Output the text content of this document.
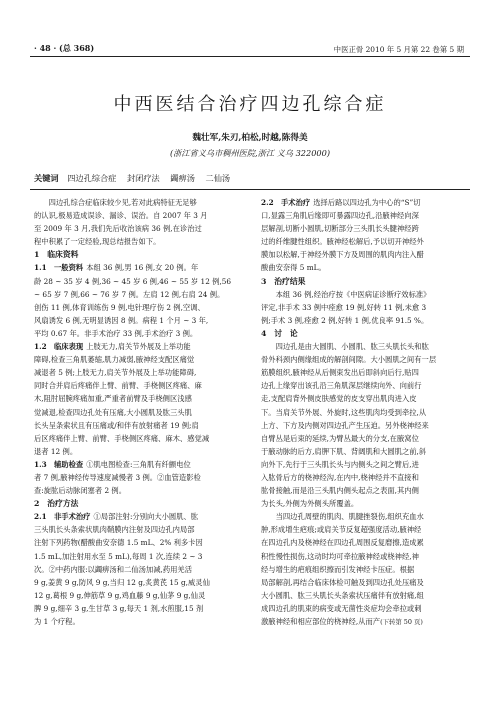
· 48 · (总 368)	中医正骨 2010 年 5 月第 22 卷第 5 期
中西医结合治疗四边孔综合症
魏壮军,朱刃,柏松,时越,陈得美
(浙江省义乌市稠州医院,浙江 义乌 322000)
关键词 四边孔综合症 封闭疗法 蠲痹汤 二仙汤

　　四边孔综合症临床较少见,若对此病特征无足够

的认识,极易造成误诊、漏诊、误治。自 2007 年 3 月

至 2009 年 3 月,我们先后收治该病 36 例,在诊治过

程中积累了一定经验,现总结报告如下。

1　临床资料

1.1　一般资料 本组 36 例,男 16 例,女 20 例。年

龄 28 ~ 35 岁 4 例,36 ~ 45 岁 6 例,46 ~ 55 岁 12 例,56

~ 65 岁 7 例,66 ~ 76 岁 7 例。左肩 12 例,右肩 24 例。

创伤 11 例,体育训练伤 9 例,电针理疗伤 2 例,空调、

风扇诱发 6 例,无明显诱因 8 例。病程 1 个月 ~ 3 年,

平均 0.67 年。非手术治疗 33 例,手术治疗 3 例。

1.2　临床表现 上肢无力,肩关节外展及上举功能

障碍,检查三角肌萎缩,肌力减弱,腋神经支配区痛觉

减退者 5 例;上肢无力,肩关节外展及上举功能障碍,

同时合并肩后疼痛伴上臂、前臂、手桡侧区疼痛、麻

木,阻肘屈腕疼痛加重,严重者前臂及手桡侧区浅感

觉减退,检查四边孔处有压痛,大小圆肌及肱三头肌

长头呈条索状且有压痛或/和伴有放射痛者 19 例;肩

后区疼痛伴上臂、前臂、手桡侧区疼痛、麻木、感觉减

退者 12 例。

1.3　辅助检查 ①肌电图检查:三角肌有纤颤电位

者 7 例,腋神经传导速度减慢者 3 例。②血管造影检

查:旋肱后动脉闭塞者 2 例。

2　治疗方法

2.1　非手术治疗 ①局部注射:分别向大小圆肌、肱

三头肌长头条索状肌肉鞘膜内注射及四边孔内局部

注射下列药物(醋酸曲安奈德 1.5 mL、2% 利多卡因

1.5 mL,加注射用水至 5 mL),每周 1 次,连续 2 ~ 3

次。②中药内服:以蠲痹汤和二仙汤加减,药用羌活

9 g,姜黄 9 g,防风 9 g,当归 12 g,炙黄芪 15 g,威灵仙

12 g,葛根 9 g,伸筋草 9 g,鸡血藤 9 g,仙茅 9 g,仙灵

脾 9 g,细辛 3 g,生甘草 3 g,每天 1 剂,水煎服,15 剂

为 1 个疗程。

2.2　手术治疗 选择后路以四边孔为中心的“S”切

口,显露三角肌后缘即可暴露四边孔,沿腋神经向深

层解剖,切断小圆肌,切断部分三头肌长头腱神经跨

过的纤维腱性组织。腋神经松解后,予以切开神经外

膜加以松解,于神经外膜下方及周围的肌肉内注入醋

酸曲安奈得 5 mL。

3　治疗结果

　　本组 36 例,经治疗按《中医病证诊断疗效标准》

评定,非手术 33 例中痊愈 19 例,好转 11 例,未愈 3

例;手术 3 例,痊愈 2 例,好转 1 例,优良率 91.5 %。

4　讨　论

　　四边孔是由大圆肌、小圆肌、肱三头肌长头和肱

骨外科颈内侧缘组成的解剖间隙。大小圆肌之间有一层

筋膜组织,腋神经从后侧束发出后即斜向后行,贴四

边孔上缘穿出该孔沿三角肌深层继续向外、向前行

走,支配肩背外侧皮肤感觉的皮支穿出肌肉进入皮

下。当肩关节外展、外旋时,这些肌肉均受到牵拉,从

上方、下方及内侧对四边孔产生压迫。另外桡神经来

自臂丛是后束的延续,为臂丛最大的分支,在腋窝位

于腋动脉的后方,肩胛下肌、背阔肌和大圆肌之前,斜

向外下,先行于三头肌长头与内侧头之间之臂后,进

入肱骨后方的桡神经沟,在内中,桡神经并不直接和

肱骨接触,而是沿三头肌内侧头起点之表面,其内侧

为长头,外侧为外侧头所覆盖。

　　当四边孔周壁的肌肉、肌腱挫裂伤,组织充血水

肿,形成增生疤痕;或肩关节反复超强度活动,腋神经

在四边孔内及桡神经在四边孔周围反复磨擦,造成累

积性慢性损伤,这动时均可牵拉腋神经或桡神经,神

经与增生的疤痕组织擦而引发神经卡压症。根据

局部解剖,再结合临床体检可触及到四边孔处压痛及

大小圆肌、肱三头肌长头条索状压痛伴有放射痛,组

成四边孔的肌束的病变或无菌性炎症均会牵拉或刺

激腋神经和相应部位的桡神经,从而产(下转第 50 页)
